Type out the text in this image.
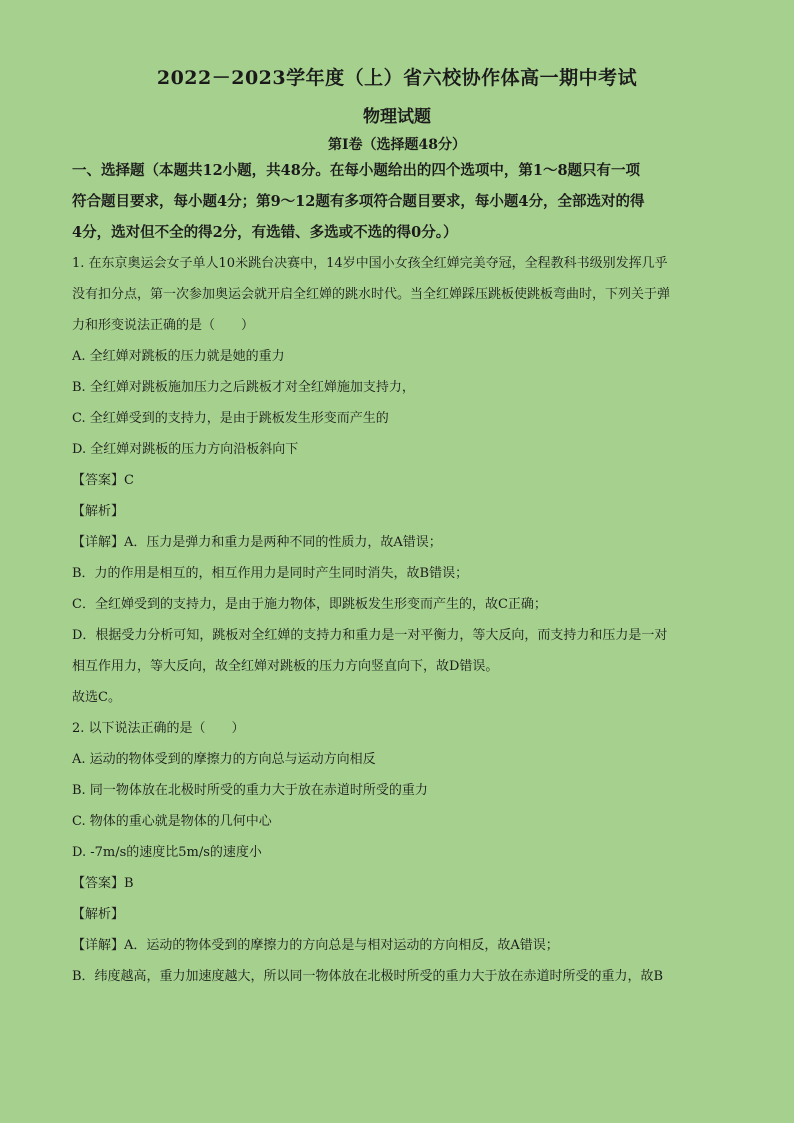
2022－2023学年度（上）省六校协作体高一期中考试
物理试题
第I卷（选择题48分）
一、选择题（本题共12小题，共48分。在每小题给出的四个选项中，第1～8题只有一项
符合题目要求，每小题4分；第9～12题有多项符合题目要求，每小题4分，全部选对的得
4分，选对但不全的得2分，有选错、多选或不选的得0分。）

1. 在东京奥运会女子单人10米跳台决赛中，14岁中国小女孩全红婵完美夺冠，全程教科书级别发挥几乎

没有扣分点，第一次参加奥运会就开启全红婵的跳水时代。当全红婵踩压跳板使跳板弯曲时，下列关于弹

力和形变说法正确的是（　　）

A. 全红婵对跳板的压力就是她的重力

B. 全红婵对跳板施加压力之后跳板才对全红婵施加支持力，

C. 全红婵受到的支持力，是由于跳板发生形变而产生的

D. 全红婵对跳板的压力方向沿板斜向下

【答案】C

【解析】

【详解】A．压力是弹力和重力是两种不同的性质力，故A错误；

B．力的作用是相互的，相互作用力是同时产生同时消失，故B错误；

C．全红婵受到的支持力，是由于施力物体，即跳板发生形变而产生的，故C正确；

D．根据受力分析可知，跳板对全红婵的支持力和重力是一对平衡力，等大反向，而支持力和压力是一对

相互作用力，等大反向，故全红婵对跳板的压力方向竖直向下，故D错误。

故选C。

2. 以下说法正确的是（　　）

A. 运动的物体受到的摩擦力的方向总与运动方向相反

B. 同一物体放在北极时所受的重力大于放在赤道时所受的重力

C. 物体的重心就是物体的几何中心

D. -7m/s的速度比5m/s的速度小

【答案】B

【解析】

【详解】A．运动的物体受到的摩擦力的方向总是与相对运动的方向相反，故A错误；

B．纬度越高，重力加速度越大，所以同一物体放在北极时所受的重力大于放在赤道时所受的重力，故B
